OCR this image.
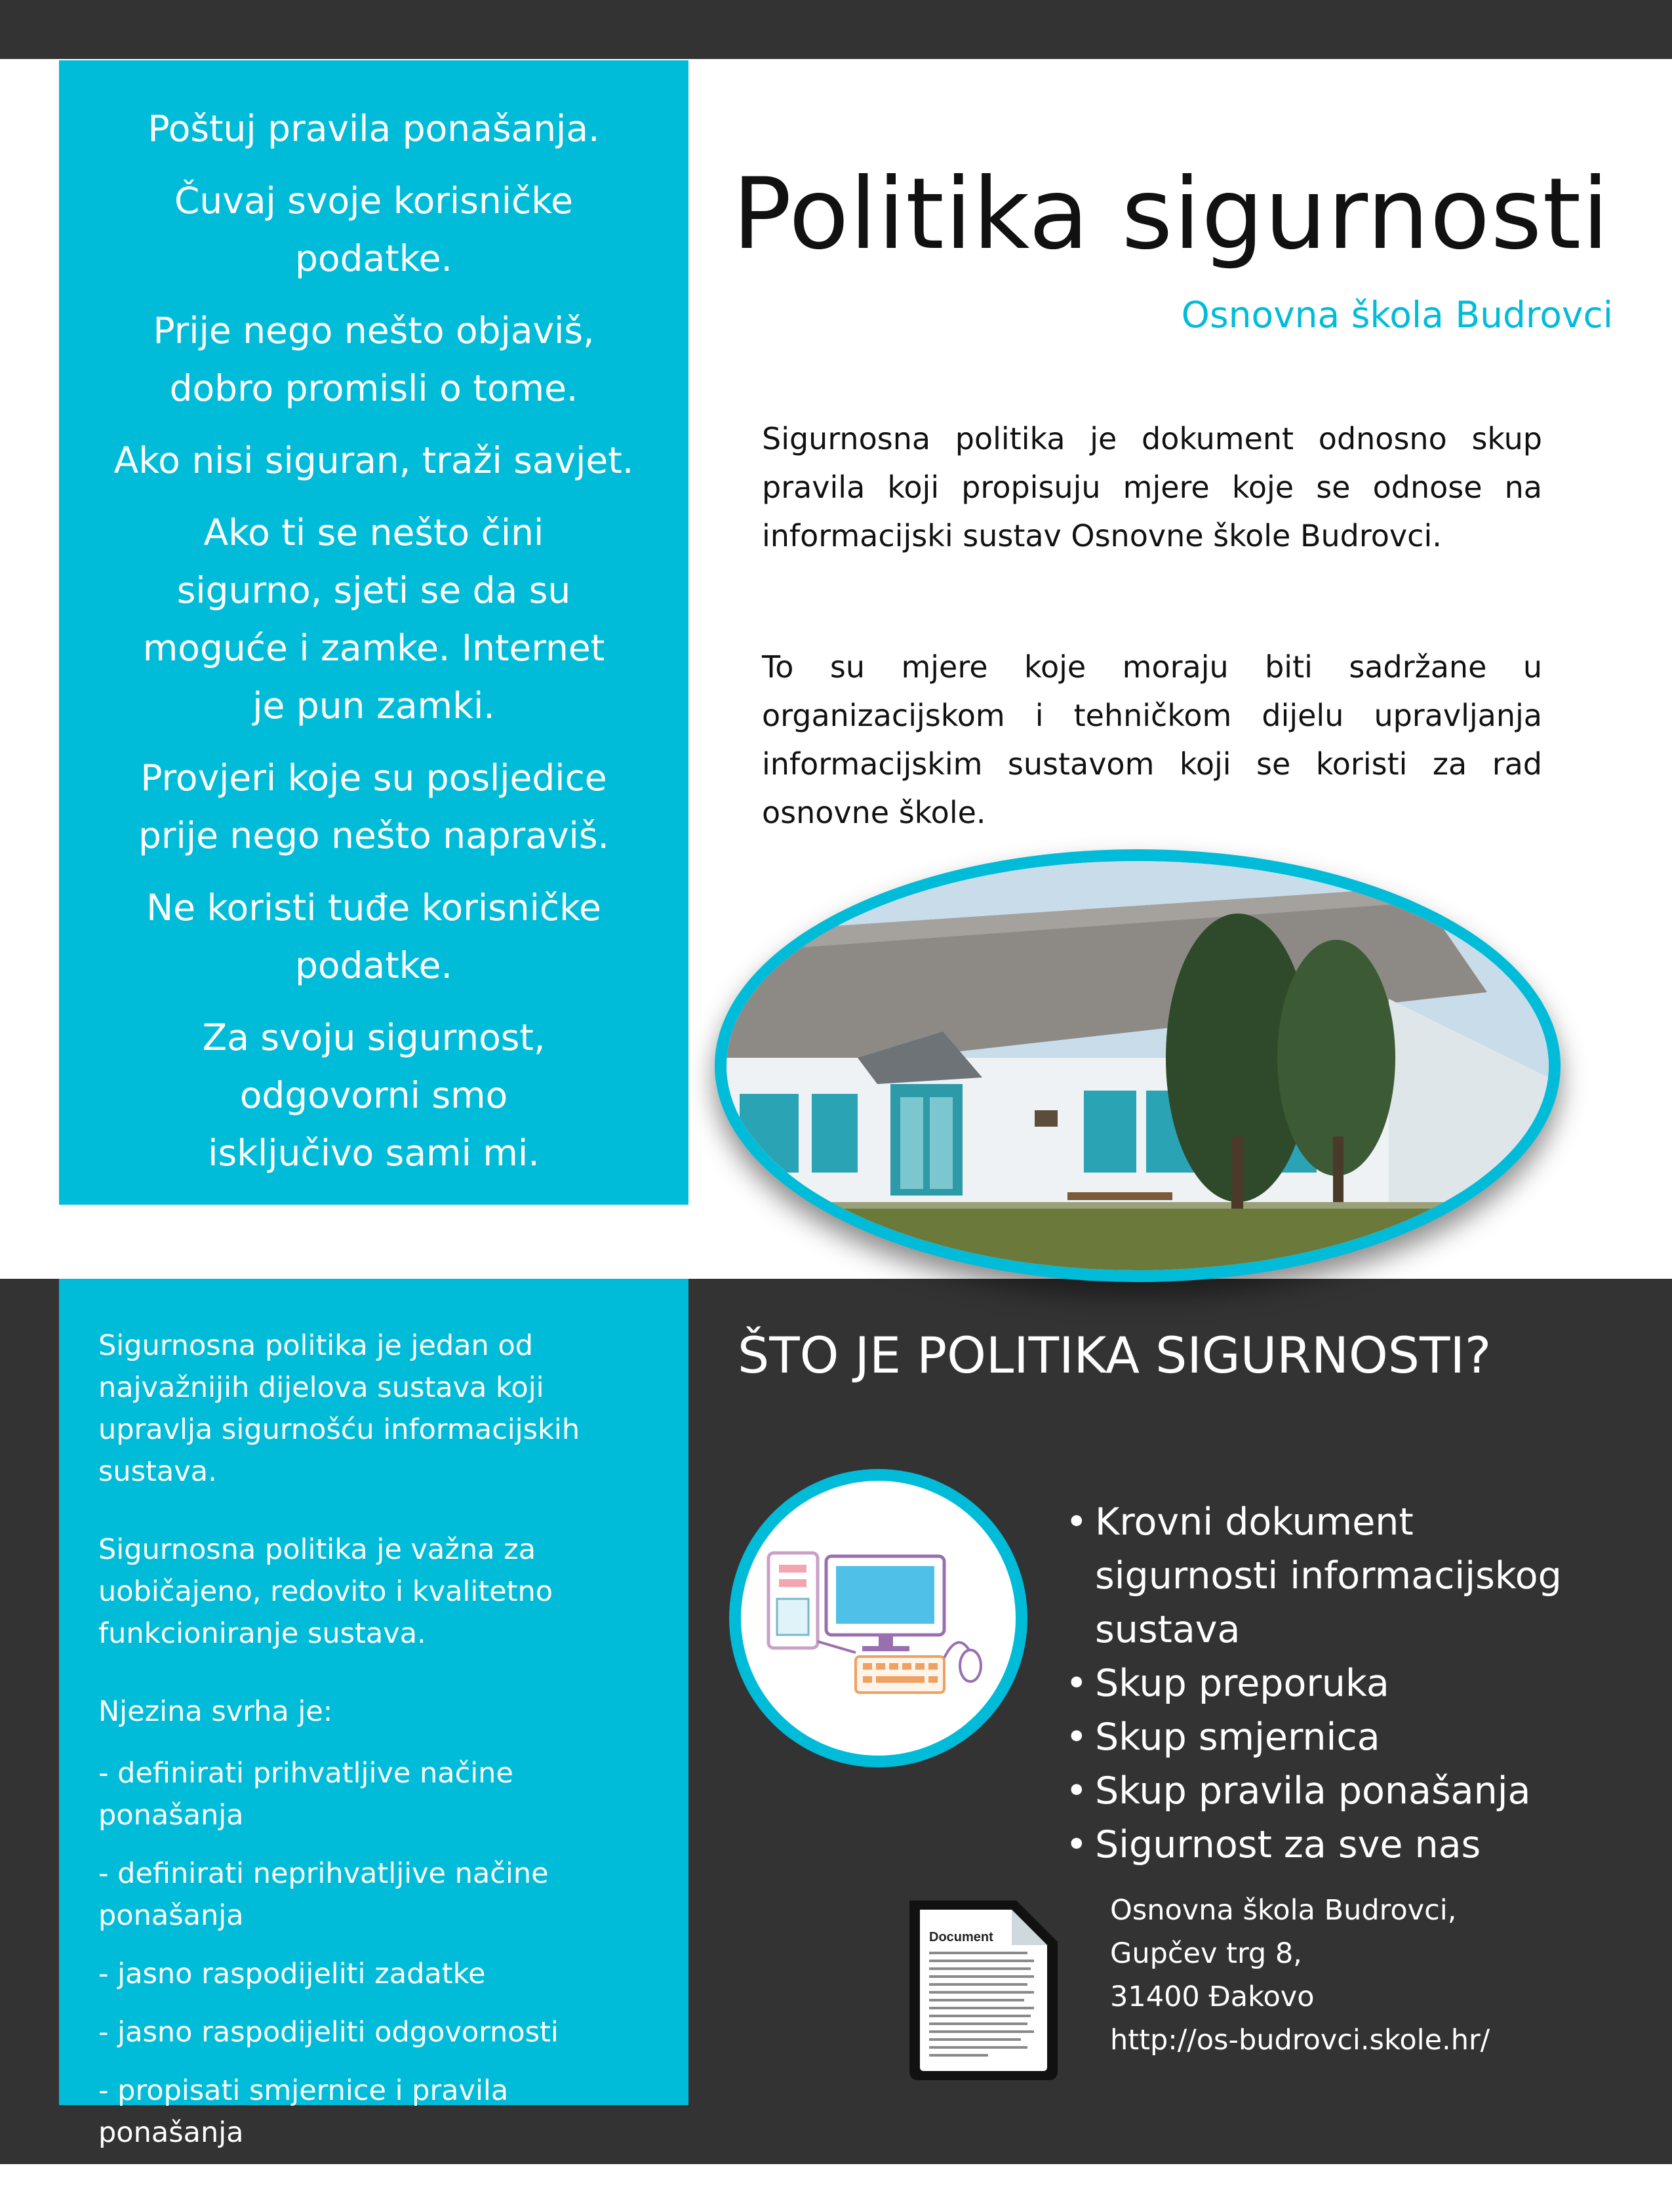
Poštuj pravila ponašanja.

Čuvaj svoje korisničke podatke.

Prije nego nešto objaviš, dobro promisli o tome.

Ako nisi siguran, traži savjet.

Ako ti se nešto čini sigurno, sjeti se da su moguće i zamke. Internet je pun zamki.

Provjeri koje su posljedice prije nego nešto napraviš.

Ne koristi tuđe korisničke podatke.

Za svoju sigurnost, odgovorni smo isključivo sami mi.

Politika sigurnosti
Osnovna škola Budrovci

Sigurnosna politika je dokument odnosno skup pravila koji propisuju mjere koje se odnose na informacijski sustav Osnovne škole Budrovci.

To su mjere koje moraju biti sadržane u organizacijskom i tehničkom dijelu upravljanja informacijskim sustavom koji se koristi za rad osnovne škole.

Sigurnosna politika je jedan od najvažnijih dijelova sustava koji upravlja sigurnošću informacijskih sustava.

Sigurnosna politika je važna za uobičajeno, redovito i kvalitetno funkcioniranje sustava.

Njezina svrha je:

- definirati prihvatljive načine ponašanja
- definirati neprihvatljive načine ponašanja
- jasno raspodijeliti zadatke
- jasno raspodijeliti odgovornosti
- propisati smjernice i pravila ponašanja
- propisati sankcije
ŠTO JE POLITIKA SIGURNOSTI?
• Krovni dokument sigurnosti informacijskog sustava
• Skup preporuka
• Skup smjernica
• Skup pravila ponašanja
• Sigurnost za sve nas
Document
Osnovna škola Budrovci,
Gupčev trg 8,
31400 Đakovo
http://os-budrovci.skole.hr/
